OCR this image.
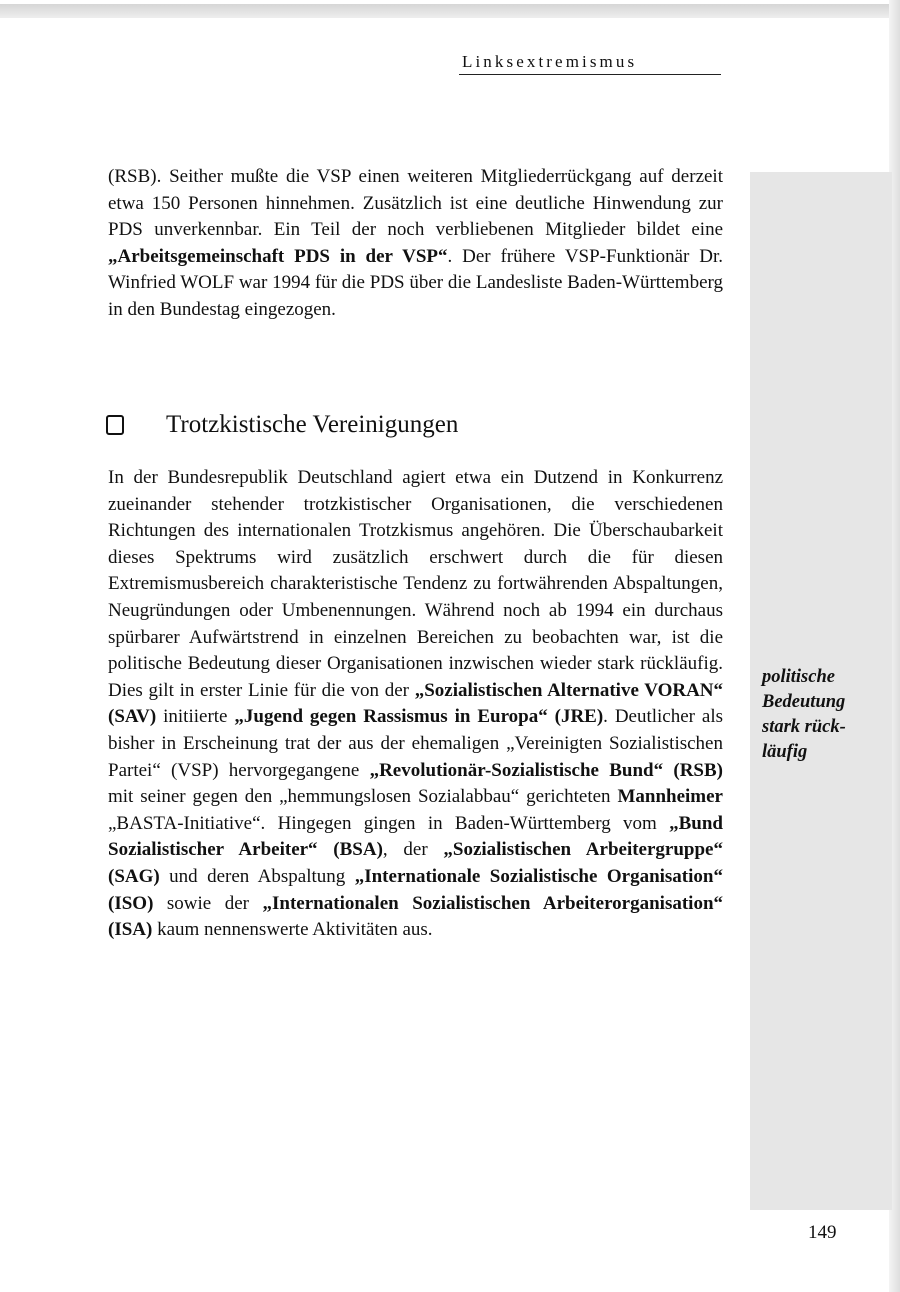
Linksextremismus
(RSB). Seither mußte die VSP einen weiteren Mitgliederrückgang auf derzeit etwa 150 Personen hinnehmen. Zusätzlich ist eine deutliche Hinwendung zur PDS unverkennbar. Ein Teil der noch verbliebenen Mitglieder bildet eine „Arbeitsgemeinschaft PDS in der VSP“. Der frühere VSP-Funktionär Dr. Winfried WOLF war 1994 für die PDS über die Landesliste Baden-Württemberg in den Bundestag eingezogen.
Trotzkistische Vereinigungen
In der Bundesrepublik Deutschland agiert etwa ein Dutzend in Konkurrenz zueinander stehender trotzkistischer Organisationen, die verschiedenen Richtungen des internationalen Trotzkismus angehören. Die Überschaubarkeit dieses Spektrums wird zusätzlich erschwert durch die für diesen Extremismusbereich charakteristische Tendenz zu fortwährenden Abspaltungen, Neugründungen oder Umbenennungen. Während noch ab 1994 ein durchaus spürbarer Aufwärtstrend in einzelnen Bereichen zu beobachten war, ist die politische Bedeutung dieser Organisationen inzwischen wieder stark rückläufig. Dies gilt in erster Linie für die von der „Sozialistischen Alternative VORAN“ (SAV) initiierte „Jugend gegen Rassismus in Europa“ (JRE). Deutlicher als bisher in Erscheinung trat der aus der ehemaligen „Vereinigten Sozialistischen Partei“ (VSP) hervorgegangene „Revolutionär-Sozialistische Bund“ (RSB) mit seiner gegen den „hemmungslosen Sozialabbau“ gerichteten Mannheimer „BASTA-Initiative“. Hingegen gingen in Baden-Württemberg vom „Bund Sozialistischer Arbeiter“ (BSA), der „Sozialistischen Arbeitergruppe“ (SAG) und deren Abspaltung „Internationale Sozialistische Organisation“ (ISO) sowie der „Internationalen Sozialistischen Arbeiterorganisation“ (ISA) kaum nennenswerte Aktivitäten aus.
politische
Bedeutung
stark rück-
läufig
149
